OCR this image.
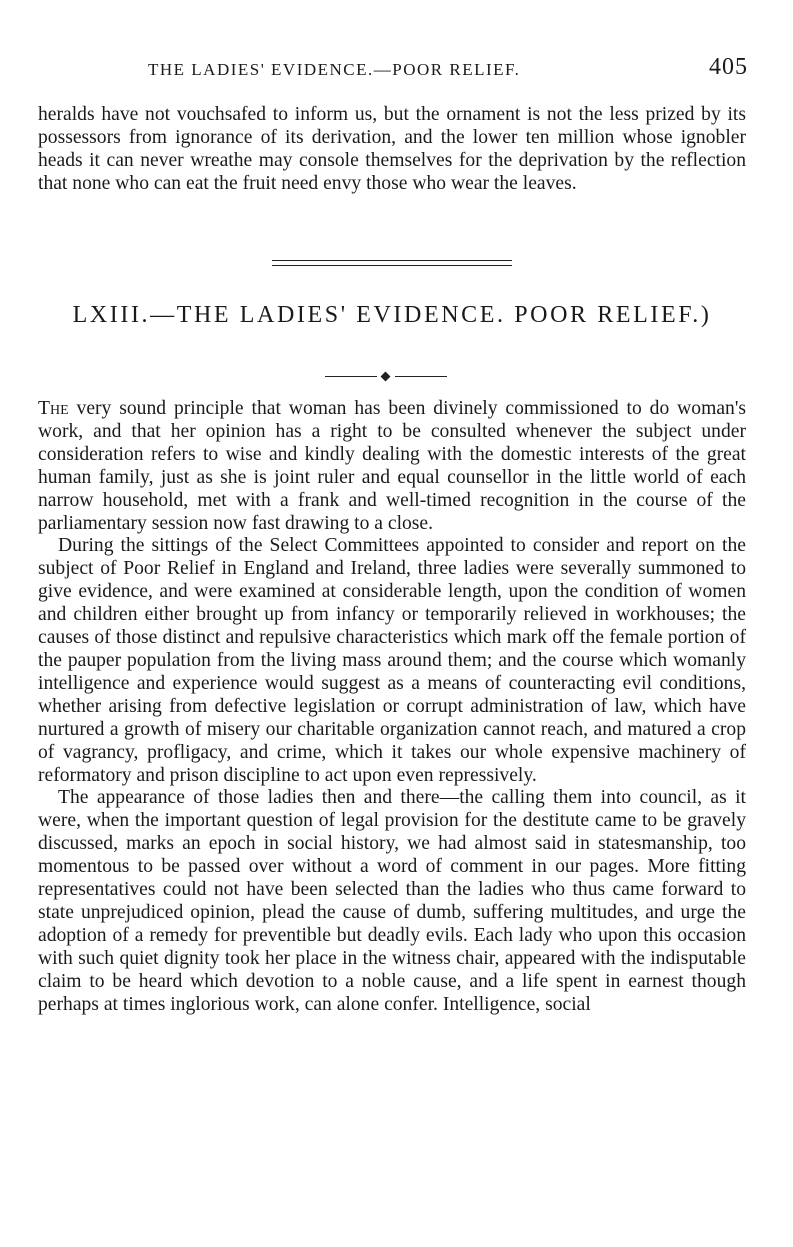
THE LADIES' EVIDENCE.—POOR RELIEF.	405

heralds have not vouchsafed to inform us, but the ornament is not the less prized by its possessors from ignorance of its derivation, and the lower ten million whose ignobler heads it can never wreathe may console themselves for the deprivation by the reflection that none who can eat the fruit need envy those who wear the leaves.

LXIII.—THE LADIES' EVIDENCE. POOR RELIEF.)

The very sound principle that woman has been divinely commissioned to do woman's work, and that her opinion has a right to be consulted whenever the subject under consideration refers to wise and kindly dealing with the domestic interests of the great human family, just as she is joint ruler and equal counsellor in the little world of each narrow household, met with a frank and well-timed recognition in the course of the parliamentary session now fast drawing to a close.

During the sittings of the Select Committees appointed to consider and report on the subject of Poor Relief in England and Ireland, three ladies were severally summoned to give evidence, and were examined at considerable length, upon the condition of women and children either brought up from infancy or temporarily relieved in workhouses; the causes of those distinct and repulsive characteristics which mark off the female portion of the pauper population from the living mass around them; and the course which womanly intelligence and experience would suggest as a means of counteracting evil conditions, whether arising from defective legislation or corrupt administration of law, which have nurtured a growth of misery our charitable organization cannot reach, and matured a crop of vagrancy, profligacy, and crime, which it takes our whole expensive machinery of reformatory and prison discipline to act upon even repressively.

The appearance of those ladies then and there—the calling them into council, as it were, when the important question of legal provision for the destitute came to be gravely discussed, marks an epoch in social history, we had almost said in statesmanship, too momentous to be passed over without a word of comment in our pages. More fitting representatives could not have been selected than the ladies who thus came forward to state unprejudiced opinion, plead the cause of dumb, suffering multitudes, and urge the adoption of a remedy for preventible but deadly evils. Each lady who upon this occasion with such quiet dignity took her place in the witness chair, appeared with the indisputable claim to be heard which devotion to a noble cause, and a life spent in earnest though perhaps at times inglorious work, can alone confer. Intelligence, social
